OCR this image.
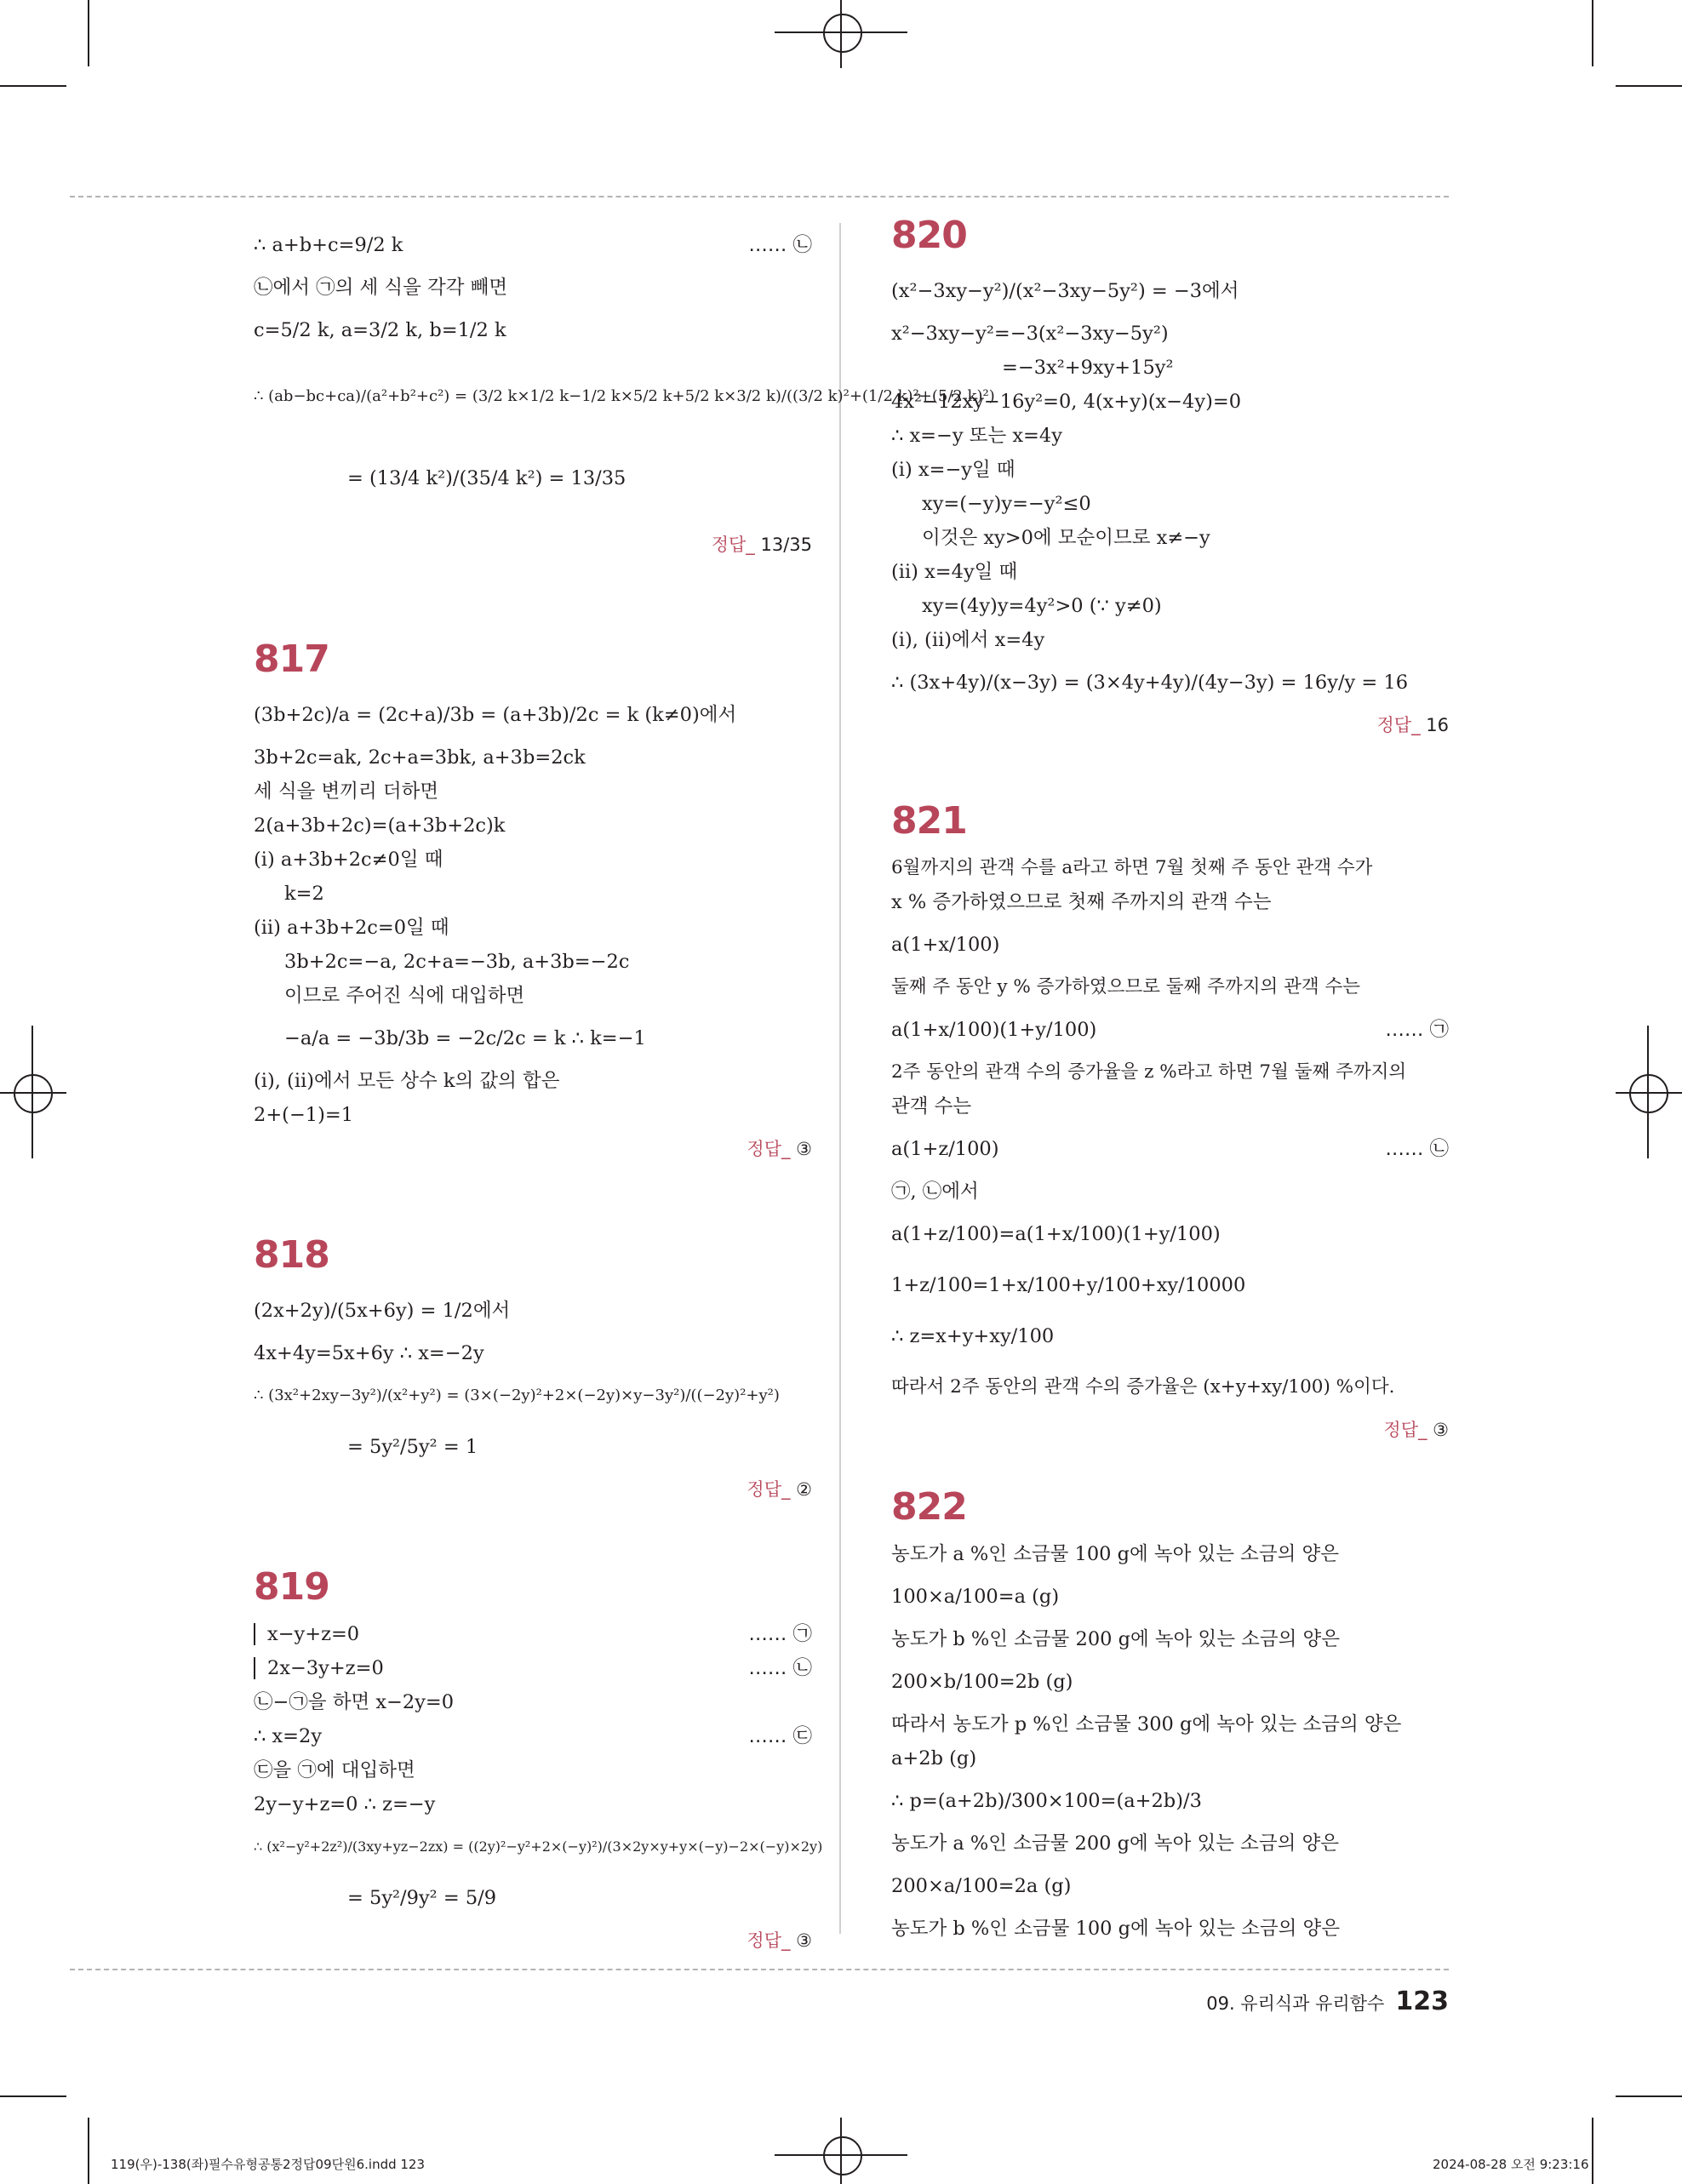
∴ a+b+c=9/2 k	…… ㉡
㉡에서 ㉠의 세 식을 각각 빼면
c=5/2 k, a=3/2 k, b=1/2 k
∴ (ab−bc+ca)/(a²+b²+c²) = (3/2 k×1/2 k−1/2 k×5/2 k+5/2 k×3/2 k)/((3/2 k)²+(1/2 k)²+(5/2 k)²)
= (13/4 k²)/(35/4 k²) = 13/35
정답_ 13/35
817
(3b+2c)/a = (2c+a)/3b = (a+3b)/2c = k (k≠0)에서
3b+2c=ak, 2c+a=3bk, a+3b=2ck
세 식을 변끼리 더하면
2(a+3b+2c)=(a+3b+2c)k
(ⅰ) a+3b+2c≠0일 때
k=2
(ⅱ) a+3b+2c=0일 때
3b+2c=−a, 2c+a=−3b, a+3b=−2c
이므로 주어진 식에 대입하면
−a/a = −3b/3b = −2c/2c = k ∴ k=−1
(ⅰ), (ⅱ)에서 모든 상수 k의 값의 합은
2+(−1)=1
정답_ ③
818
(2x+2y)/(5x+6y) = 1/2에서
4x+4y=5x+6y ∴ x=−2y
∴ (3x²+2xy−3y²)/(x²+y²) = (3×(−2y)²+2×(−2y)×y−3y²)/((−2y)²+y²)
= 5y²/5y² = 1
정답_ ②
819
x−y+z=0	…… ㉠
2x−3y+z=0	…… ㉡
㉡−㉠을 하면 x−2y=0
∴ x=2y	…… ㉢
㉢을 ㉠에 대입하면
2y−y+z=0 ∴ z=−y
∴ (x²−y²+2z²)/(3xy+yz−2zx) = ((2y)²−y²+2×(−y)²)/(3×2y×y+y×(−y)−2×(−y)×2y)
= 5y²/9y² = 5/9
정답_ ③
820
(x²−3xy−y²)/(x²−3xy−5y²) = −3에서
x²−3xy−y²=−3(x²−3xy−5y²)
=−3x²+9xy+15y²
4x²−12xy−16y²=0, 4(x+y)(x−4y)=0
∴ x=−y 또는 x=4y
(ⅰ) x=−y일 때
xy=(−y)y=−y²≤0
이것은 xy>0에 모순이므로 x≠−y
(ⅱ) x=4y일 때
xy=(4y)y=4y²>0 (∵ y≠0)
(ⅰ), (ⅱ)에서 x=4y
∴ (3x+4y)/(x−3y) = (3×4y+4y)/(4y−3y) = 16y/y = 16
정답_ 16
821
6월까지의 관객 수를 a라고 하면 7월 첫째 주 동안 관객 수가
x % 증가하였으므로 첫째 주까지의 관객 수는
a(1+x/100)
둘째 주 동안 y % 증가하였으므로 둘째 주까지의 관객 수는
a(1+x/100)(1+y/100)	…… ㉠
2주 동안의 관객 수의 증가율을 z %라고 하면 7월 둘째 주까지의
관객 수는
a(1+z/100)	…… ㉡
㉠, ㉡에서
a(1+z/100)=a(1+x/100)(1+y/100)
1+z/100=1+x/100+y/100+xy/10000
∴ z=x+y+xy/100
따라서 2주 동안의 관객 수의 증가율은 (x+y+xy/100) %이다.
정답_ ③
822
농도가 a %인 소금물 100 g에 녹아 있는 소금의 양은
100×a/100=a (g)
농도가 b %인 소금물 200 g에 녹아 있는 소금의 양은
200×b/100=2b (g)
따라서 농도가 p %인 소금물 300 g에 녹아 있는 소금의 양은
a+2b (g)
∴ p=(a+2b)/300×100=(a+2b)/3
농도가 a %인 소금물 200 g에 녹아 있는 소금의 양은
200×a/100=2a (g)
농도가 b %인 소금물 100 g에 녹아 있는 소금의 양은
09. 유리식과 유리함수 123
119(우)-138(좌)필수유형공통2정답09단원6.indd 123	2024-08-28 오전 9:23:16
